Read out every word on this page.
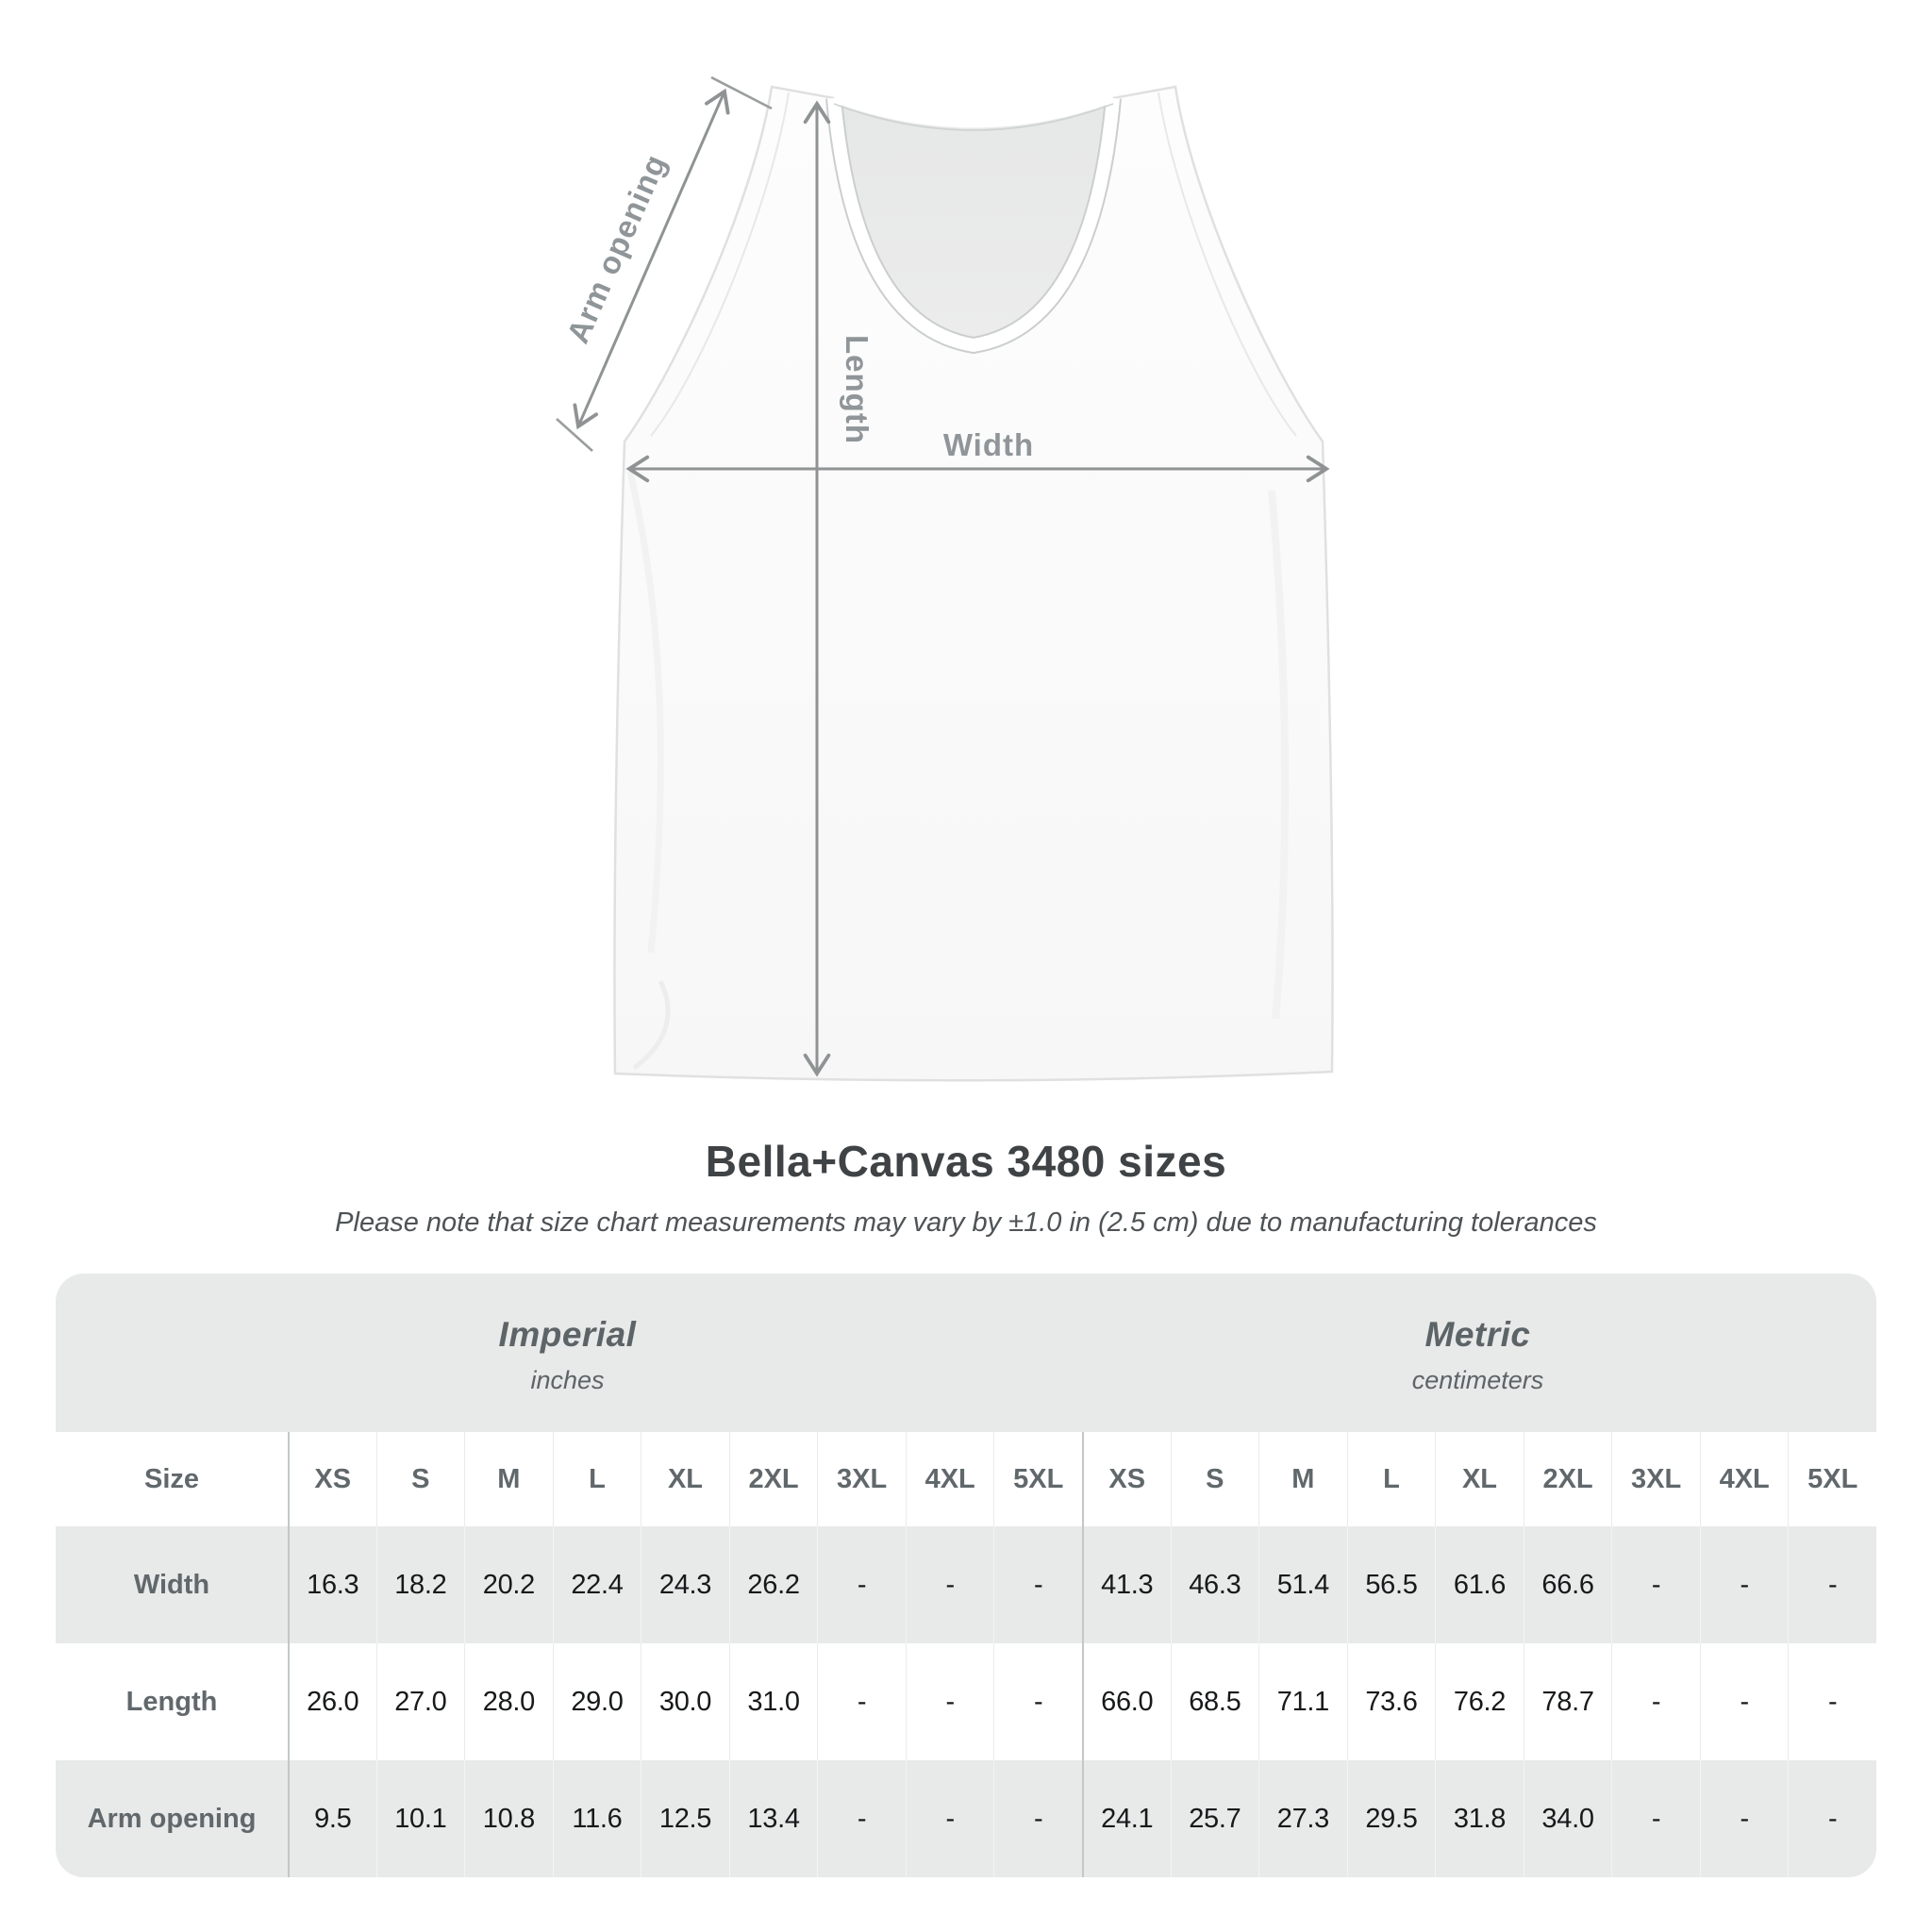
Arm opening
Length
Width
Bella+Canvas 3480 sizes

Please note that size chart measurements may vary by ±1.0 in (2.5 cm) due to manufacturing tolerances

Imperial
inches
Metric
centimeters
Size	XS	S	M	L	XL	2XL	3XL	4XL	5XL	XS	S	M	L	XL	2XL	3XL	4XL	5XL
Width	16.3	18.2	20.2	22.4	24.3	26.2	-	-	-	41.3	46.3	51.4	56.5	61.6	66.6	-	-	-
Length	26.0	27.0	28.0	29.0	30.0	31.0	-	-	-	66.0	68.5	71.1	73.6	76.2	78.7	-	-	-
Arm opening	9.5	10.1	10.8	11.6	12.5	13.4	-	-	-	24.1	25.7	27.3	29.5	31.8	34.0	-	-	-
